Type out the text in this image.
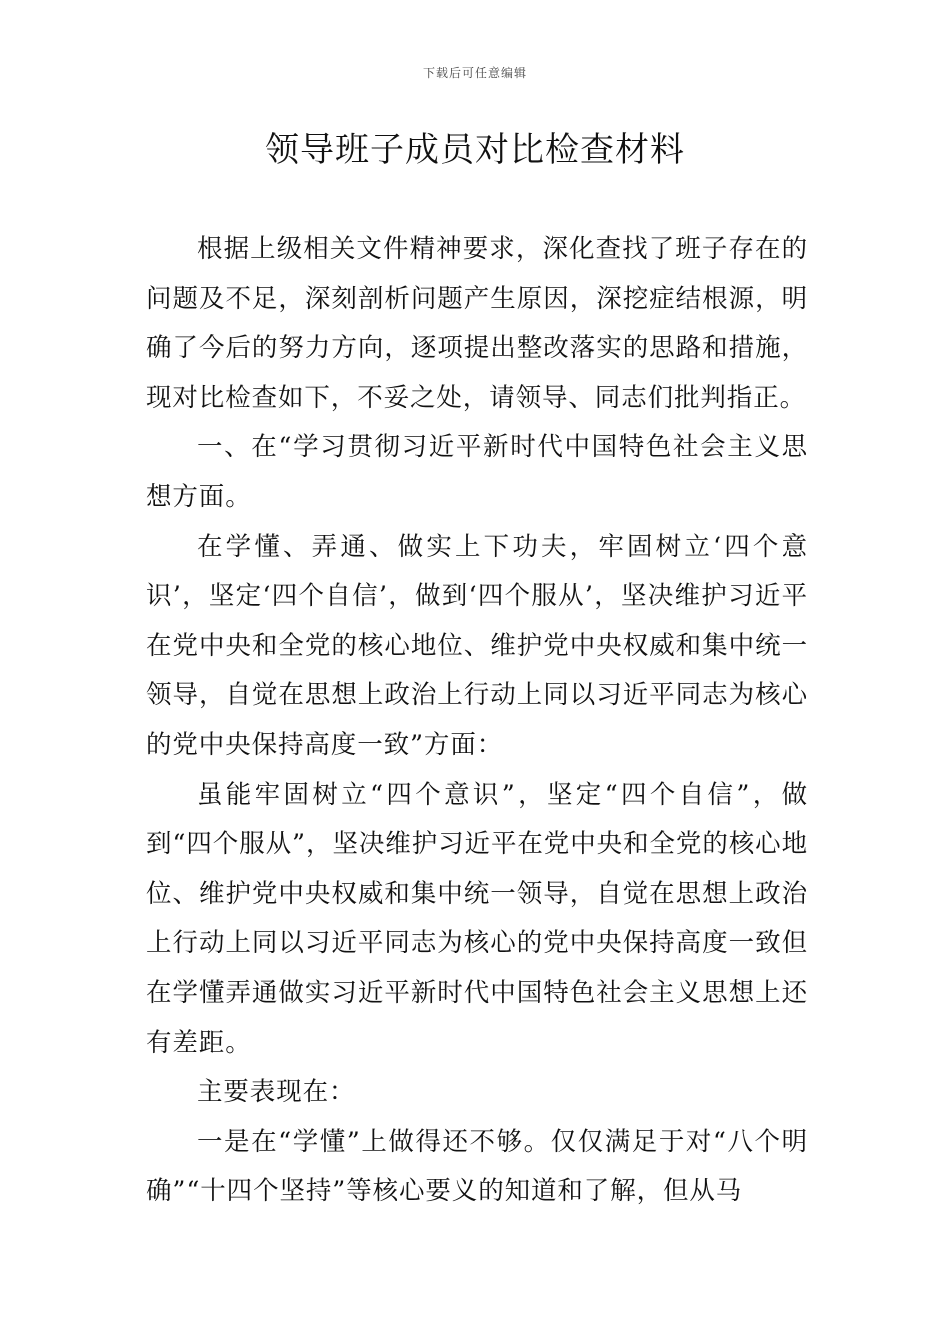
下载后可任意编辑
领导班子成员对比检查材料

根据上级相关文件精神要求，深化查找了班子存在的问题及不足，深刻剖析问题产生原因，深挖症结根源，明确了今后的努力方向，逐项提出整改落实的思路和措施，现对比检查如下，不妥之处，请领导、同志们批判指正。

一、在“学习贯彻习近平新时代中国特色社会主义思想方面。

在学懂、弄通、做实上下功夫，牢固树立‘四个意识’，坚定‘四个自信’，做到‘四个服从’，坚决维护习近平在党中央和全党的核心地位、维护党中央权威和集中统一领导，自觉在思想上政治上行动上同以习近平同志为核心的党中央保持高度一致”方面：

虽能牢固树立“四个意识”，坚定“四个自信”，做到“四个服从”，坚决维护习近平在党中央和全党的核心地位、维护党中央权威和集中统一领导，自觉在思想上政治上行动上同以习近平同志为核心的党中央保持高度一致但在学懂弄通做实习近平新时代中国特色社会主义思想上还有差距。

主要表现在：

一是在“学懂”上做得还不够。仅仅满足于对“八个明确”“十四个坚持”等核心要义的知道和了解，但从马
